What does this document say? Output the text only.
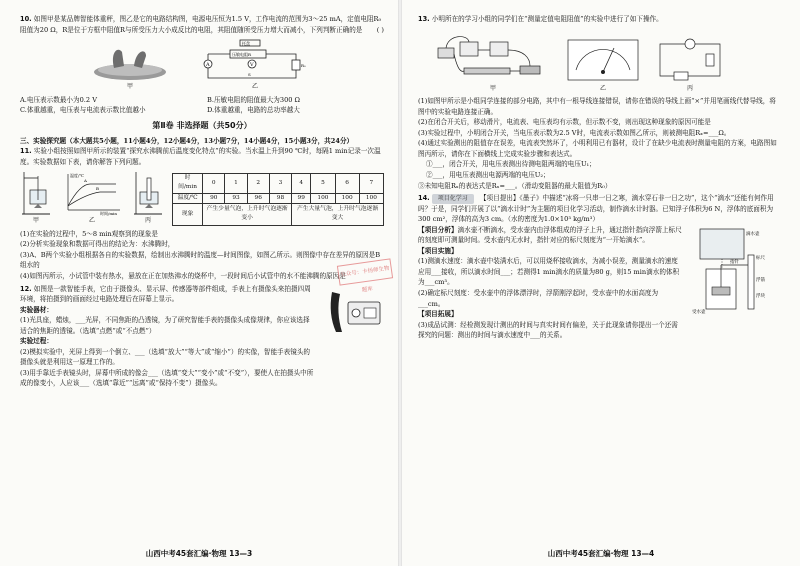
10. 如图甲是某品牌智能体重秤，图乙是它的电路结构图，电源电压恒为1.5 V，工作电流的范围为3～25 mA，定值电阻R₀阻值为20 Ω，R是位于方框中阻值R与所受压力大小成反比的电阻，其阻值随所受压力增大而减小，下列判断正确的是 ( )

甲
托盘
压敏电阻R
A	V	R₀
S
乙
A.电压表示数最小为0.2 V	B.压敏电阻的阻值最大为300 Ω
C.体重越重，电压表与电流表示数比值越小	D.体重越重，电路的总功率越大
第Ⅱ卷 非选择题（共50分）

三、实验探究题（本大题共5小题，11小题4分，12小题4分，13小题7分，14小题4分，15小题3分，共24分）

11. 实验小组按照如图甲所示的装置“探究水沸腾前后温度变化特点”的实验。当水温上升到90 ℃时，每隔1 min记录一次温度。实验数据如下表，请你解答下列问题。

甲
温度/℃
时间/min
A
B
乙	丙
时间/min	0	1	2	3	4	5	6	7
温度/℃	90	93	96	98	99	100	100	100
现象	产生少量气泡，上升时气泡逐渐变小				产生大量气泡，上升时气泡逐渐变大			

(1)在实验的过程中，5～8 min观察到的现象是

(2)分析实验现象和数据可得出的结论为：水沸腾时，

(3)A、B两个实验小组根据各自的实验数据，绘制出水沸腾时的温度—时间图像，如图乙所示。则图像中存在差异的原因是B组水的

(4)如图丙所示，小试管中装有热水，悬放在正在加热沸水的烧杯中，一段时间后小试管中的水不能沸腾的原因是

12. 如图是一款智能手表，它由于摄像头、显示屏、传感器等部件组成，手表上有摄像头来拍摄四周环境，将拍摄到的画面经过电路处理后在屏幕上显示。

实验器材：

(1)光具座，蜡烛，___光屏，不同焦距的凸透镜，为了研究智能手表的摄像头成像规律，你应该选择适合的焦距的透镜。（选填“点燃”或“不点燃”）

实验过程：

(2)模拟实验中，光屏上得到一个倒立、___（选填“放大”“等大”或“缩小”）的实像，智能手表镜头的摄像头就是利用这一原理工作的。

(3)用手靠近手表镜头时，屏幕中所成的像会___（选填“变大”“变小”或“不变”），要使人在拍摄头中所成的像变小，人应该___（选填“靠近”“远离”或“保持不变”）摄像头。

山西中考45套汇编·物理 13—3
公众号：卡扬师生物题库

13. 小明所在的学习小组的同学们在“测量定值电阻阻值”的实验中进行了如下操作。

甲	乙	丙

(1)如图甲所示是小组同学连接的部分电路，其中有一根导线连接错误，请你在错误的导线上画“×”并用笔画线代替导线，将图中的实验电路连接正确。

(2)在闭合开关后，移动滑片，电流表、电压表均有示数，但示数不变，则出现这种现象的原因可能是

(3)实验过程中，小明闭合开关，当电压表示数为2.5 V时，电流表示数如图乙所示，则被测电阻Rₓ=___Ω。

(4)通过实验测出的阻值存在误差，电流表突然坏了，小明利用已有器材，设计了在缺少电流表时测量电阻的方案，电路图如图丙所示，请你在下面横线上完成实验步骤和表达式。

①___，闭合开关，用电压表测出待测电阻两端的电压U₁；

②___，用电压表测出电源两端的电压U₂；

③未知电阻Rₓ的表达式是Rₓ=___。（滑动变阻器的最大阻值为R₀）

14. 项目化学习 【项目提出】《墨子》中描述“冰将一只串一日之寒，滴水穿石非一日之功”，这个“滴水”还能有何作用吗？于是，同学们开展了以“滴水计时”为主题的项目化学习活动，制作滴水计时器。已知浮子体积为6 N，浮体的底面积为300 cm²，浮体的高为3 cm。（水的密度为1.0×10³ kg/m³）

【项目分析】滴水壶不断滴水，受水壶内由浮体组成的浮子上升，通过指针指向浮箭上标尺的刻度即可测量时间。受水壶内无水时，指针对应的标尺刻度为“一开始滴水”。

【项目实施】

(1)测滴水速度：滴水壶中装满水后，可以用烧杯接收滴水，为减小误差，测量滴水的速度应用___接收，所以滴水时间___；若测得1 min滴水的质量为80 g，则15 min滴水的体积为___cm³。

(2)确定标尺刻度：受水壶中的浮体漂浮时，浮箭刚浮起时，受水壶中的水面高度为___cm。

【项目拓展】

(3)成品试测：经检测发现计测出的时间与真实时间有偏差，关于此现象请你提出一个还需探究的问题：测出的时间与滴水速度中___的关系。

滴水壶
受水壶
标尺
指针
浮箭
浮块
山西中考45套汇编·物理 13—4
